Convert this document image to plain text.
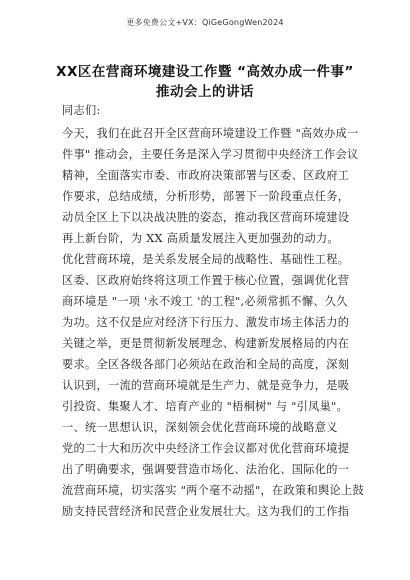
更多免费公文+VX：QiGeGongWen2024
XX区在营商环境建设工作暨 “高效办成一件事”
推动会上的讲话
同志们:
今天，我们在此召开全区营商环境建设工作暨 "高效办成一
件事" 推动会，主要任务是深入学习贯彻中央经济工作会议
精神，全面落实市委、市政府决策部署与区委、区政府工
作要求，总结成绩，分析形势，部署下一阶段重点任务，
动员全区上下以决战决胜的姿态，推动我区营商环境建设
再上新台阶，为 XX 高质量发展注入更加强劲的动力。
优化营商环境，是关系发展全局的战略性、基础性工程。
区委、区政府始终将这项工作置于核心位置，强调优化营
商环境是 "一项 '永不竣工 '的工程",必须常抓不懈、久久
为功。这不仅是应对经济下行压力、激发市场主体活力的
关键之举，更是贯彻新发展理念、构建新发展格局的内在
要求。全区各级各部门必须站在政治和全局的高度，深刻
认识到，一流的营商环境就是生产力、就是竞争力，是吸
引投资、集聚人才、培育产业的 "梧桐树" 与 "引凤巢"。
一、统一思想认识，深刻领会优化营商环境的战略意义
党的二十大和历次中央经济工作会议都对优化营商环境提
出了明确要求，强调要营造市场化、法治化、国际化的一
流营商环境，切实落实 "两个毫不动摇"，在政策和舆论上鼓
励支持民营经济和民营企业发展壮大。这为我们的工作指
